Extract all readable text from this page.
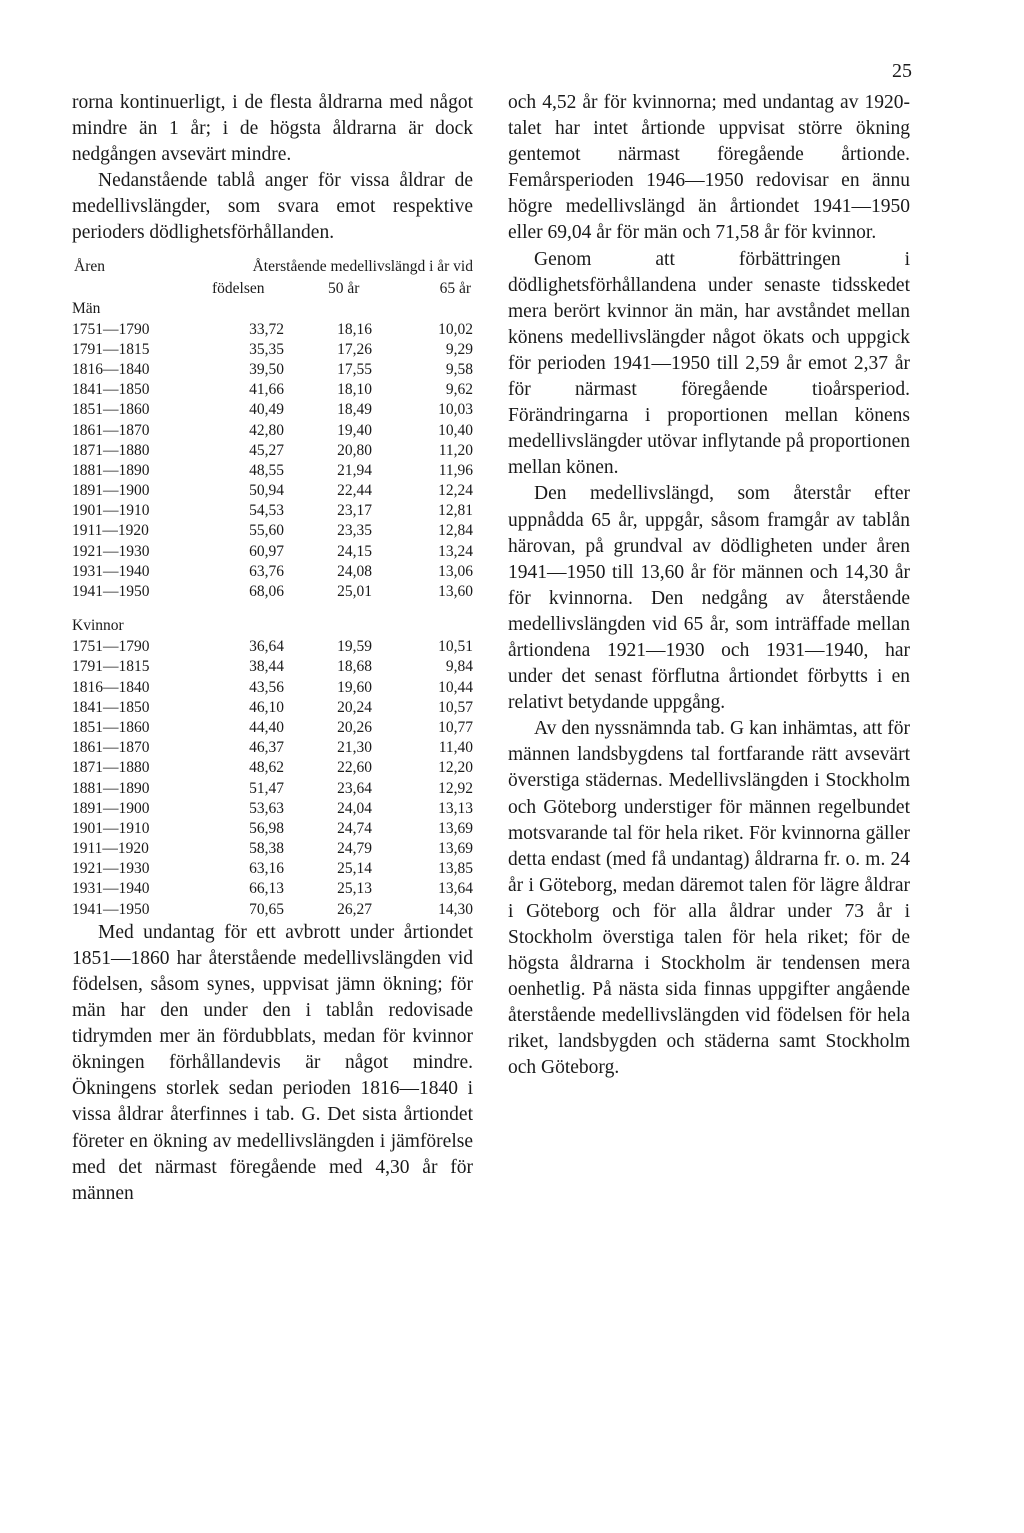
25

rorna kontinuerligt, i de flesta åldrarna med något mindre än 1 år; i de högsta åldrarna är dock nedgången avsevärt mindre.

Nedanstående tablå anger för vissa åldrar de medellivslängder, som svara emot respektive perioders dödlighetsförhållanden.

Åren	Återstående medellivslängd i år vid
födelsen	50 år	65 år
Män
1751—1790	33,72	18,16	10,02
1791—1815	35,35	17,26	9,29
1816—1840	39,50	17,55	9,58
1841—1850	41,66	18,10	9,62
1851—1860	40,49	18,49	10,03
1861—1870	42,80	19,40	10,40
1871—1880	45,27	20,80	11,20
1881—1890	48,55	21,94	11,96
1891—1900	50,94	22,44	12,24
1901—1910	54,53	23,17	12,81
1911—1920	55,60	23,35	12,84
1921—1930	60,97	24,15	13,24
1931—1940	63,76	24,08	13,06
1941—1950	68,06	25,01	13,60
Kvinnor
1751—1790	36,64	19,59	10,51
1791—1815	38,44	18,68	9,84
1816—1840	43,56	19,60	10,44
1841—1850	46,10	20,24	10,57
1851—1860	44,40	20,26	10,77
1861—1870	46,37	21,30	11,40
1871—1880	48,62	22,60	12,20
1881—1890	51,47	23,64	12,92
1891—1900	53,63	24,04	13,13
1901—1910	56,98	24,74	13,69
1911—1920	58,38	24,79	13,69
1921—1930	63,16	25,14	13,85
1931—1940	66,13	25,13	13,64
1941—1950	70,65	26,27	14,30

Med undantag för ett avbrott under årtiondet 1851—1860 har återstående medellivslängden vid födelsen, såsom synes, uppvisat jämn ökning; för män har den under den i tablån redovisade tidrymden mer än fördubblats, medan för kvinnor ökningen förhållandevis är något mindre. Ökningens storlek sedan perioden 1816—1840 i vissa åldrar återfinnes i tab. G. Det sista årtiondet företer en ökning av medellivslängden i jämförelse med det närmast föregående med 4,30 år för männen

och 4,52 år för kvinnorna; med undantag av 1920-talet har intet årtionde uppvisat större ökning gentemot närmast föregående årtionde. Femårsperioden 1946—1950 redovisar en ännu högre medellivslängd än årtiondet 1941—1950 eller 69,04 år för män och 71,58 år för kvinnor.

Genom att förbättringen i dödlighetsförhållandena under senaste tidsskedet mera berört kvinnor än män, har avståndet mellan könens medellivslängder något ökats och uppgick för perioden 1941—1950 till 2,59 år emot 2,37 år för närmast föregående tioårsperiod. Förändringarna i proportionen mellan könens medellivslängder utövar inflytande på proportionen mellan könen.

Den medellivslängd, som återstår efter uppnådda 65 år, uppgår, såsom framgår av tablån härovan, på grundval av dödligheten under åren 1941—1950 till 13,60 år för männen och 14,30 år för kvinnorna. Den nedgång av återstående medellivslängden vid 65 år, som inträffade mellan årtiondena 1921—1930 och 1931—1940, har under det senast förflutna årtiondet förbytts i en relativt betydande uppgång.

Av den nyssnämnda tab. G kan inhämtas, att för männen landsbygdens tal fortfarande rätt avsevärt överstiga städernas. Medellivslängden i Stockholm och Göteborg understiger för männen regelbundet motsvarande tal för hela riket. För kvinnorna gäller detta endast (med få undantag) åldrarna fr. o. m. 24 år i Göteborg, medan däremot talen för lägre åldrar i Göteborg och för alla åldrar under 73 år i Stockholm överstiga talen för hela riket; för de högsta åldrarna i Stockholm är tendensen mera oenhetlig. På nästa sida finnas uppgifter angående återstående medellivslängden vid födelsen för hela riket, landsbygden och städerna samt Stockholm och Göteborg.
